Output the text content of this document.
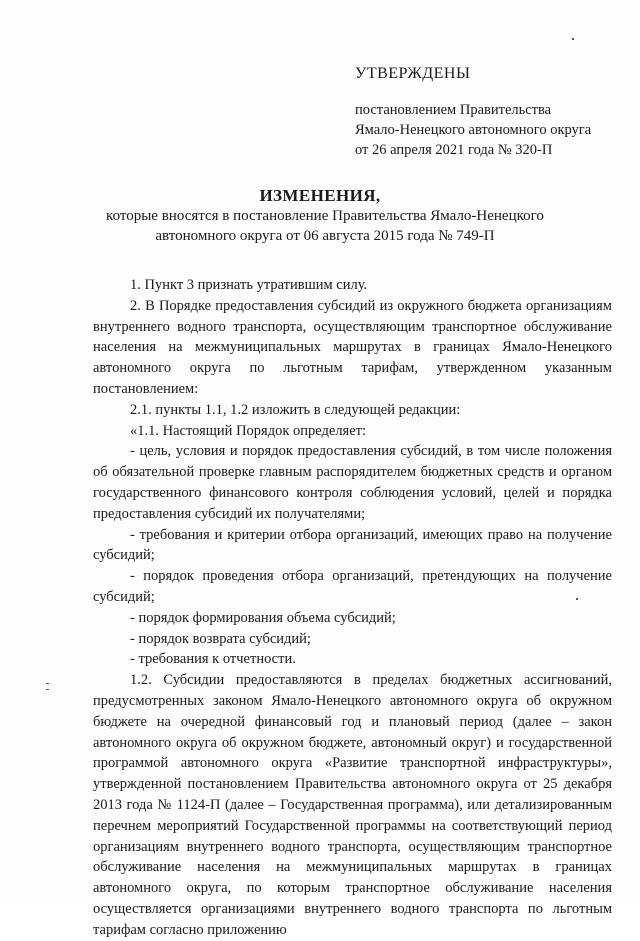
УТВЕРЖДЕНЫ

постановлением Правительства

Ямало-Ненецкого автономного округа

от 26 апреля 2021 года № 320-П

ИЗМЕНЕНИЯ,
которые вносятся в постановление Правительства Ямало-Ненецкого автономного округа от 06 августа 2015 года № 749-П

1. Пункт 3 признать утратившим силу.

2. В Порядке предоставления субсидий из окружного бюджета организациям внутреннего водного транспорта, осуществляющим транспортное обслуживание населения на межмуниципальных маршрутах в границах Ямало-Ненецкого автономного округа по льготным тарифам, утвержденном указанным постановлением:

2.1. пункты 1.1, 1.2 изложить в следующей редакции:

«1.1. Настоящий Порядок определяет:

- цель, условия и порядок предоставления субсидий, в том числе положения об обязательной проверке главным распорядителем бюджетных средств и органом государственного финансового контроля соблюдения условий, целей и порядка предоставления субсидий их получателями;

- требования и критерии отбора организаций, имеющих право на получение субсидий;

- порядок проведения отбора организаций, претендующих на получение субсидий;

- порядок формирования объема субсидий;

- порядок возврата субсидий;

- требования к отчетности.

1.2. Субсидии предоставляются в пределах бюджетных ассигнований, предусмотренных законом Ямало-Ненецкого автономного округа об окружном бюджете на очередной финансовый год и плановый период (далее – закон автономного округа об окружном бюджете, автономный округ) и государственной программой автономного округа «Развитие транспортной инфраструктуры», утвержденной постановлением Правительства автономного округа от 25 декабря 2013 года № 1124-П (далее – Государственная программа), или детализированным перечнем мероприятий Государственной программы на соответствующий период организациям внутреннего водного транспорта, осуществляющим транспортное обслуживание населения на межмуниципальных маршрутах в границах автономного округа, по которым транспортное обслуживание населения осуществляется организациями внутреннего водного транспорта по льготным тарифам согласно приложению
